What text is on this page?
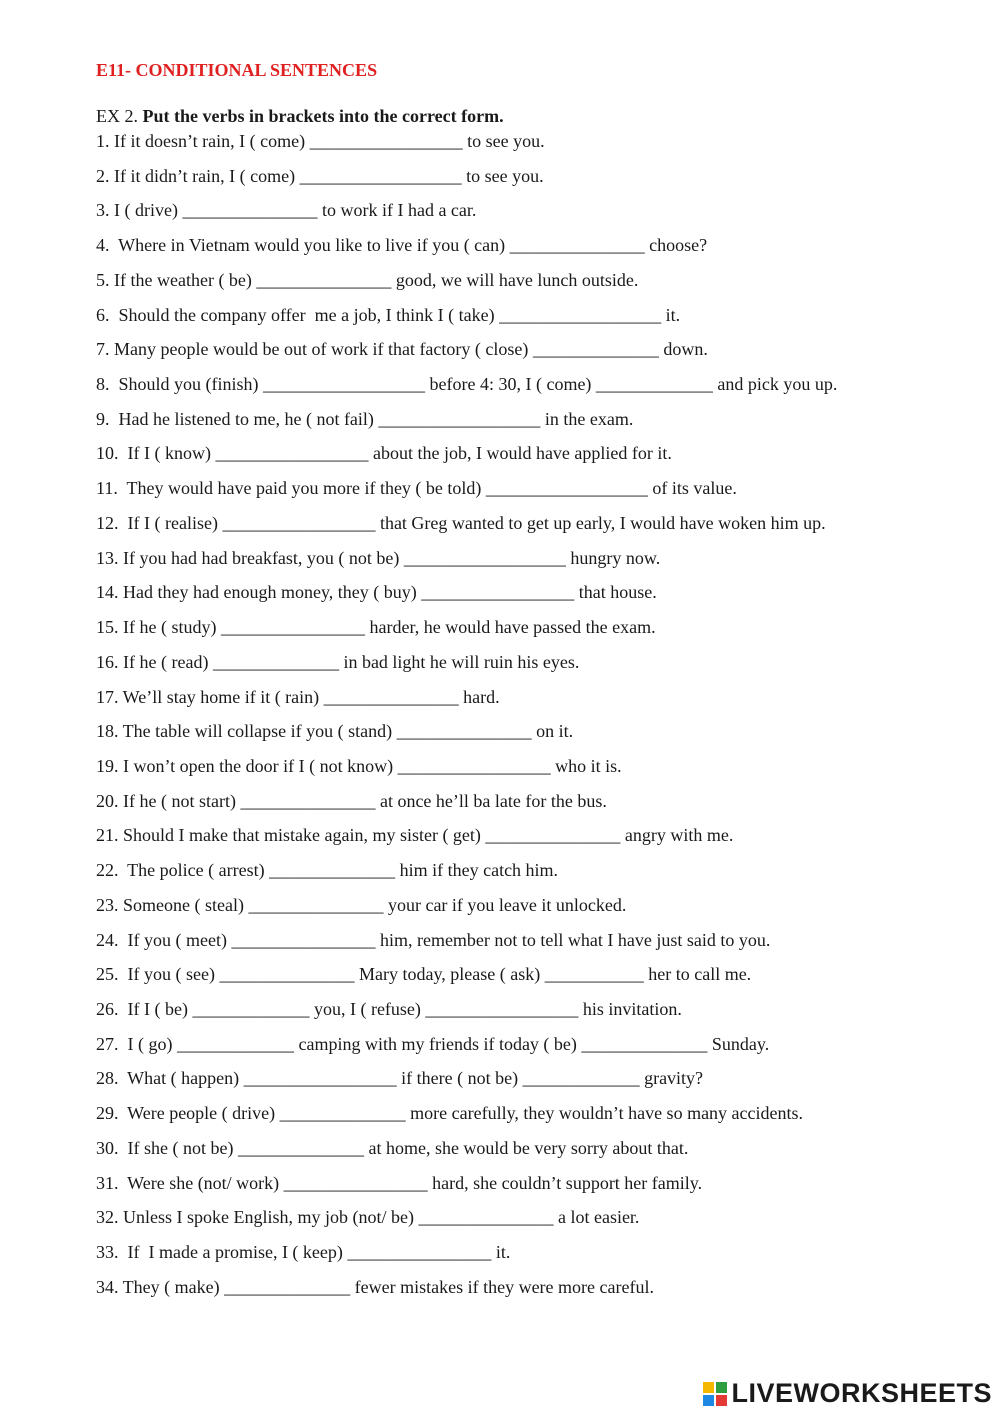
E11- CONDITIONAL SENTENCES
EX 2. Put the verbs in brackets into the correct form.
1. If it doesn’t rain, I ( come) _________________ to see you.
2. If it didn’t rain, I ( come) __________________ to see you.
3. I ( drive) _______________ to work if I had a car.
4.  Where in Vietnam would you like to live if you ( can) _______________ choose?
5. If the weather ( be) _______________ good, we will have lunch outside.
6.  Should the company offer  me a job, I think I ( take) __________________ it.
7. Many people would be out of work if that factory ( close) ______________ down.
8.  Should you (finish) __________________ before 4: 30, I ( come) _____________ and pick you up.
9.  Had he listened to me, he ( not fail) __________________ in the exam.
10.  If I ( know) _________________ about the job, I would have applied for it.
11.  They would have paid you more if they ( be told) __________________ of its value.
12.  If I ( realise) _________________ that Greg wanted to get up early, I would have woken him up.
13. If you had had breakfast, you ( not be) __________________ hungry now.
14. Had they had enough money, they ( buy) _________________ that house.
15. If he ( study) ________________ harder, he would have passed the exam.
16. If he ( read) ______________ in bad light he will ruin his eyes.
17. We’ll stay home if it ( rain) _______________ hard.
18. The table will collapse if you ( stand) _______________ on it.
19. I won’t open the door if I ( not know) _________________ who it is.
20. If he ( not start) _______________ at once he’ll ba late for the bus.
21. Should I make that mistake again, my sister ( get) _______________ angry with me.
22.  The police ( arrest) ______________ him if they catch him.
23. Someone ( steal) _______________ your car if you leave it unlocked.
24.  If you ( meet) ________________ him, remember not to tell what I have just said to you.
25.  If you ( see) _______________ Mary today, please ( ask) ___________ her to call me.
26.  If I ( be) _____________ you, I ( refuse) _________________ his invitation.
27.  I ( go) _____________ camping with my friends if today ( be) ______________ Sunday.
28.  What ( happen) _________________ if there ( not be) _____________ gravity?
29.  Were people ( drive) ______________ more carefully, they wouldn’t have so many accidents.
30.  If she ( not be) ______________ at home, she would be very sorry about that.
31.  Were she (not/ work) ________________ hard, she couldn’t support her family.
32. Unless I spoke English, my job (not/ be) _______________ a lot easier.
33.  If  I made a promise, I ( keep) ________________ it.
34. They ( make) ______________ fewer mistakes if they were more careful.
LIVEWORKSHEETS
